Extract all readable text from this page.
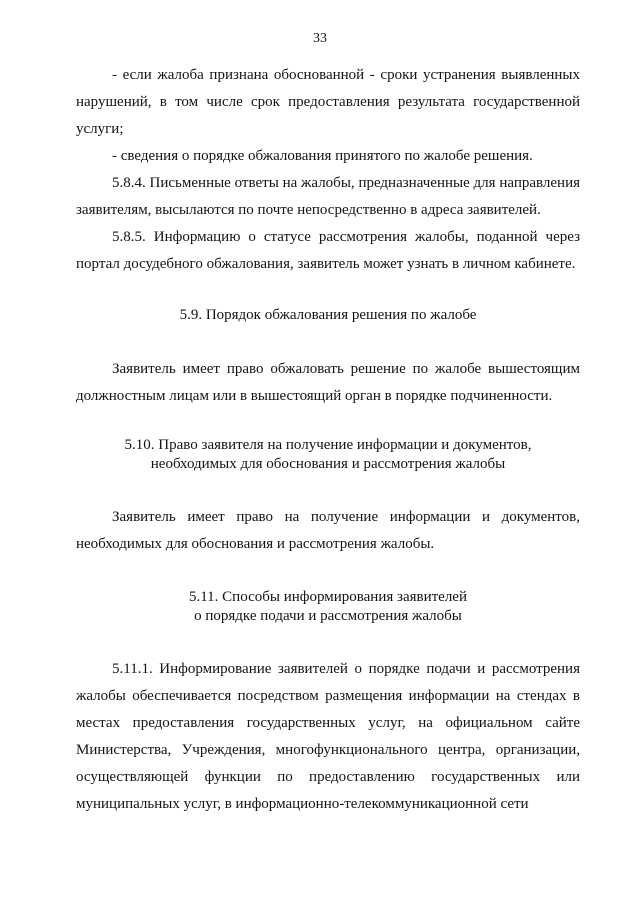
33

- если жалоба признана обоснованной - сроки устранения выявленных нарушений, в том числе срок предоставления результата государственной услуги;

- сведения о порядке обжалования принятого по жалобе решения.

5.8.4. Письменные ответы на жалобы, предназначенные для направления заявителям, высылаются по почте непосредственно в адреса заявителей.

5.8.5. Информацию о статусе рассмотрения жалобы, поданной через портал досудебного обжалования, заявитель может узнать в личном кабинете.

5.9. Порядок обжалования решения по жалобе

Заявитель имеет право обжаловать решение по жалобе вышестоящим должностным лицам или в вышестоящий орган в порядке подчиненности.

5.10. Право заявителя на получение информации и документов,

необходимых для обоснования и рассмотрения жалобы

Заявитель имеет право на получение информации и документов, необходимых для обоснования и рассмотрения жалобы.

5.11. Способы информирования заявителей

о порядке подачи и рассмотрения жалобы

5.11.1. Информирование заявителей о порядке подачи и рассмотрения жалобы обеспечивается посредством размещения информации на стендах в местах предоставления государственных услуг, на официальном сайте Министерства, Учреждения, многофункционального центра, организации, осуществляющей функции по предоставлению государственных или муниципальных услуг, в информационно-телекоммуникационной сети
